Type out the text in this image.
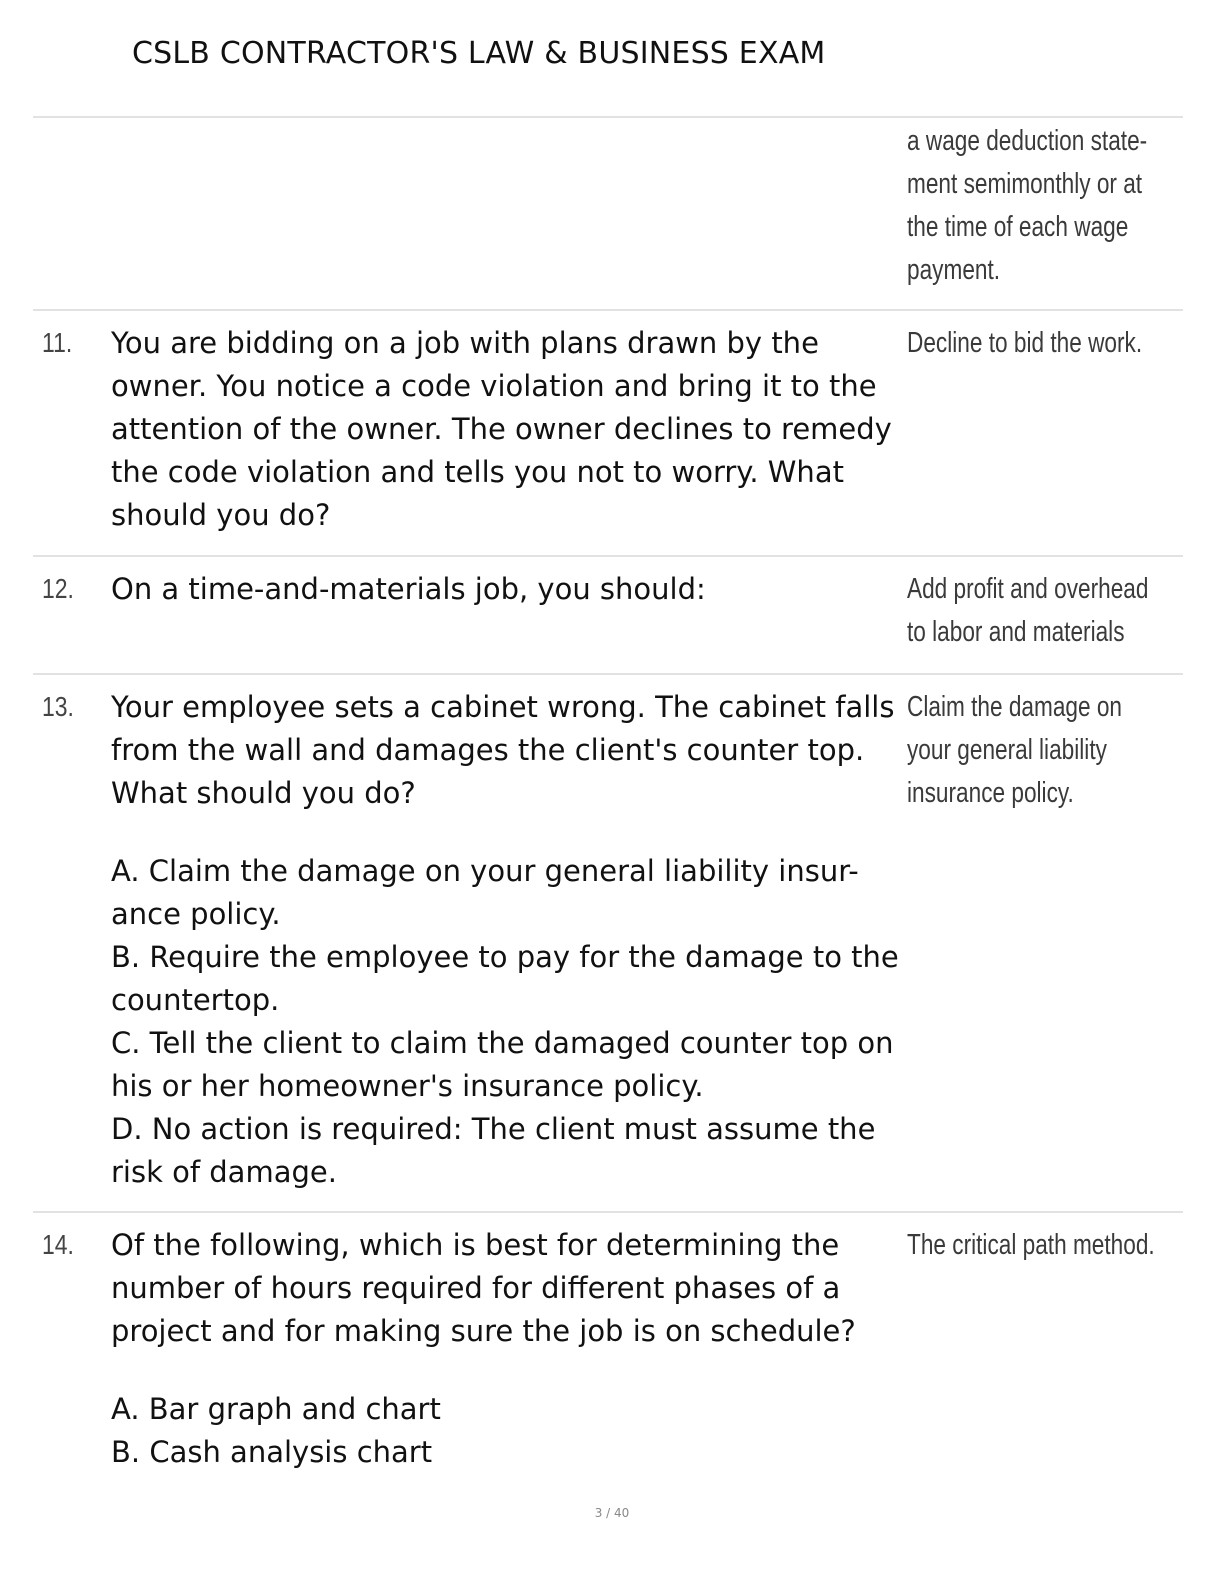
CSLB CONTRACTOR'S LAW & BUSINESS EXAM
a wage deduction state- ment semimonthly or at the time of each wage payment.
11. You are bidding on a job with plans drawn by the owner. You notice a code violation and bring it to the attention of the owner. The owner declines to remedy the code violation and tells you not to worry. What should you do?

Decline to bid the work.
12. On a time-and-materials job, you should:	Add profit and overhead to labor and materials
13. Your employee sets a cabinet wrong. The cabinet falls from the wall and damages the client's counter top. What should you do?

A. Claim the damage on your general liability insur- ance policy.
B. Require the employee to pay for the damage to the countertop.
C. Tell the client to claim the damaged counter top on his or her homeowner's insurance policy.
D. No action is required: The client must assume the risk of damage.

Claim the damage on your general liability insurance policy.
14. Of the following, which is best for determining the number of hours required for different phases of a project and for making sure the job is on schedule?

A. Bar graph and chart
B. Cash analysis chart

The critical path method.
3 / 40
